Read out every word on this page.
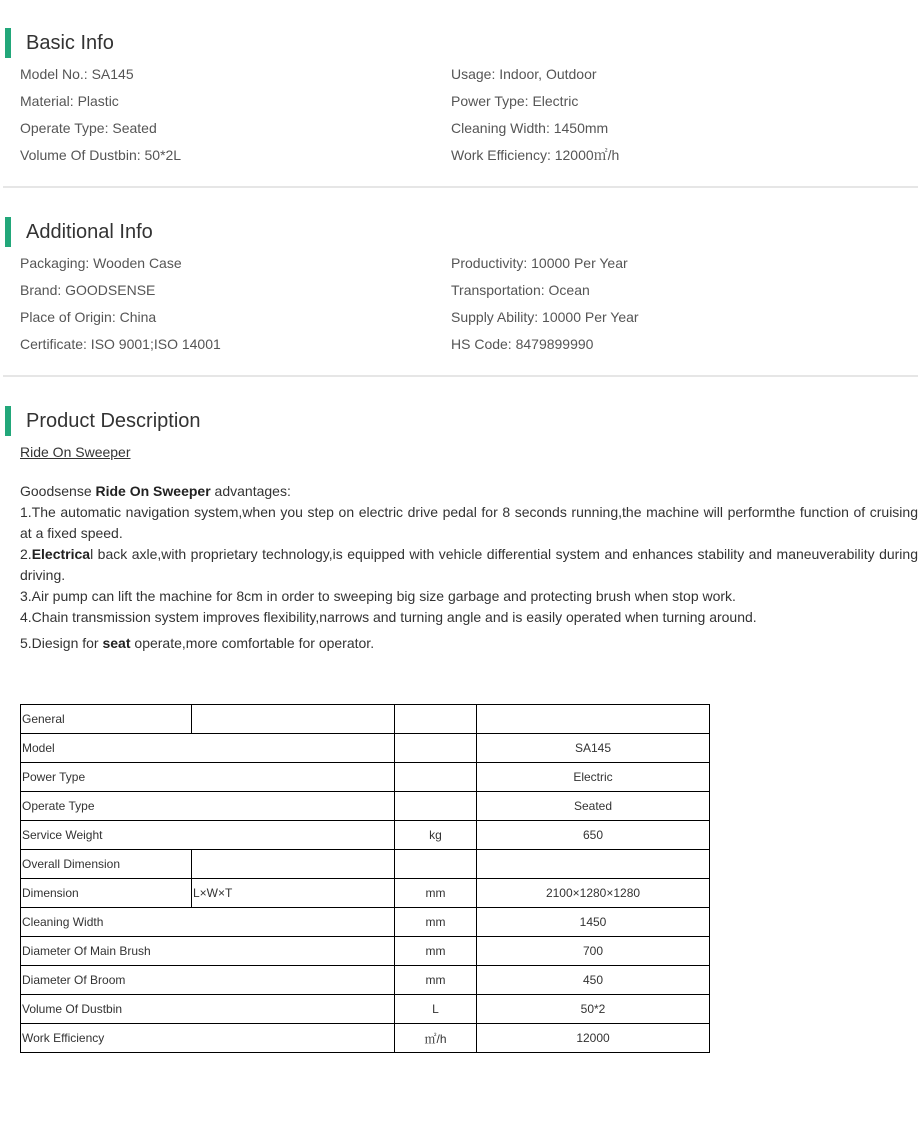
Basic Info
Model No.: SA145
Material: Plastic
Operate Type: Seated
Volume Of Dustbin: 50*2L
Usage: Indoor, Outdoor
Power Type: Electric
Cleaning Width: 1450mm
Work Efficiency: 12000㎡/h
Additional Info
Packaging: Wooden Case
Brand: GOODSENSE
Place of Origin: China
Certificate: ISO 9001;ISO 14001
Productivity: 10000 Per Year
Transportation: Ocean
Supply Ability: 10000 Per Year
HS Code: 8479899990
Product Description
Ride On Sweeper
Goodsense Ride On Sweeper advantages:
1.The automatic navigation system,when you step on electric drive pedal for 8 seconds running,the machine will performthe function of cruising at a fixed speed.
2.Electrical back axle,with proprietary technology,is equipped with vehicle differential system and enhances stability and maneuverability during driving.
3.Air pump can lift the machine for 8cm in order to sweeping big size garbage and protecting brush when stop work.
4.Chain transmission system improves flexibility,narrows and turning angle and is easily operated when turning around.
5.Diesign for seat operate,more comfortable for operator.
General			
Model			SA145
Power Type			Electric
Operate Type			Seated
Service Weight		kg	650
Overall Dimension			
Dimension	L×W×T	mm	2100×1280×1280
Cleaning Width		mm	1450
Diameter Of Main Brush		mm	700
Diameter Of Broom		mm	450
Volume Of Dustbin		L	50*2
Work Efficiency		㎡/h	12000
